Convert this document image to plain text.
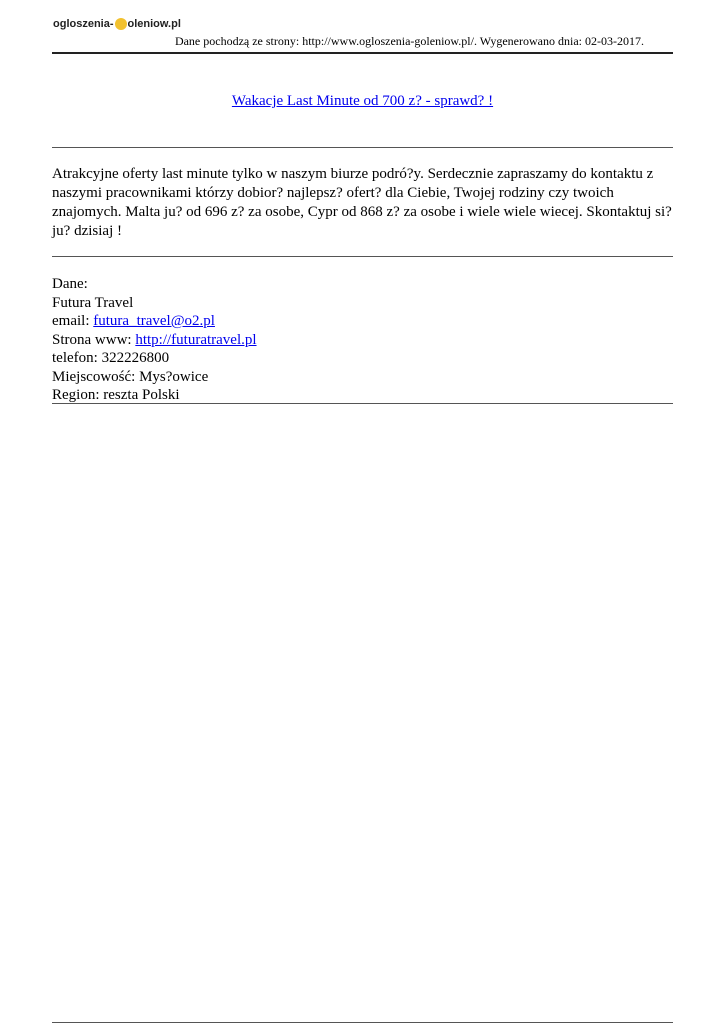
ogloszenia- oleniow.pl
Dane pochodzą ze strony: http://www.ogloszenia-goleniow.pl/. Wygenerowano dnia: 02-03-2017.
Wakacje Last Minute od 700 z? - sprawd? !

Atrakcyjne oferty last minute tylko w naszym biurze podró?y. Serdecznie zapraszamy do kontaktu z naszymi pracownikami którzy dobior? najlepsz? ofert? dla Ciebie, Twojej rodziny czy twoich znajomych. Malta ju? od 696 z? za osobe, Cypr od 868 z? za osobe i wiele wiele wiecej. Skontaktuj si? ju? dzisiaj !

Dane:
Futura Travel
email: futura_travel@o2.pl
Strona www: http://futuratravel.pl
telefon: 322226800
Miejscowość: Mys?owice
Region: reszta Polski
